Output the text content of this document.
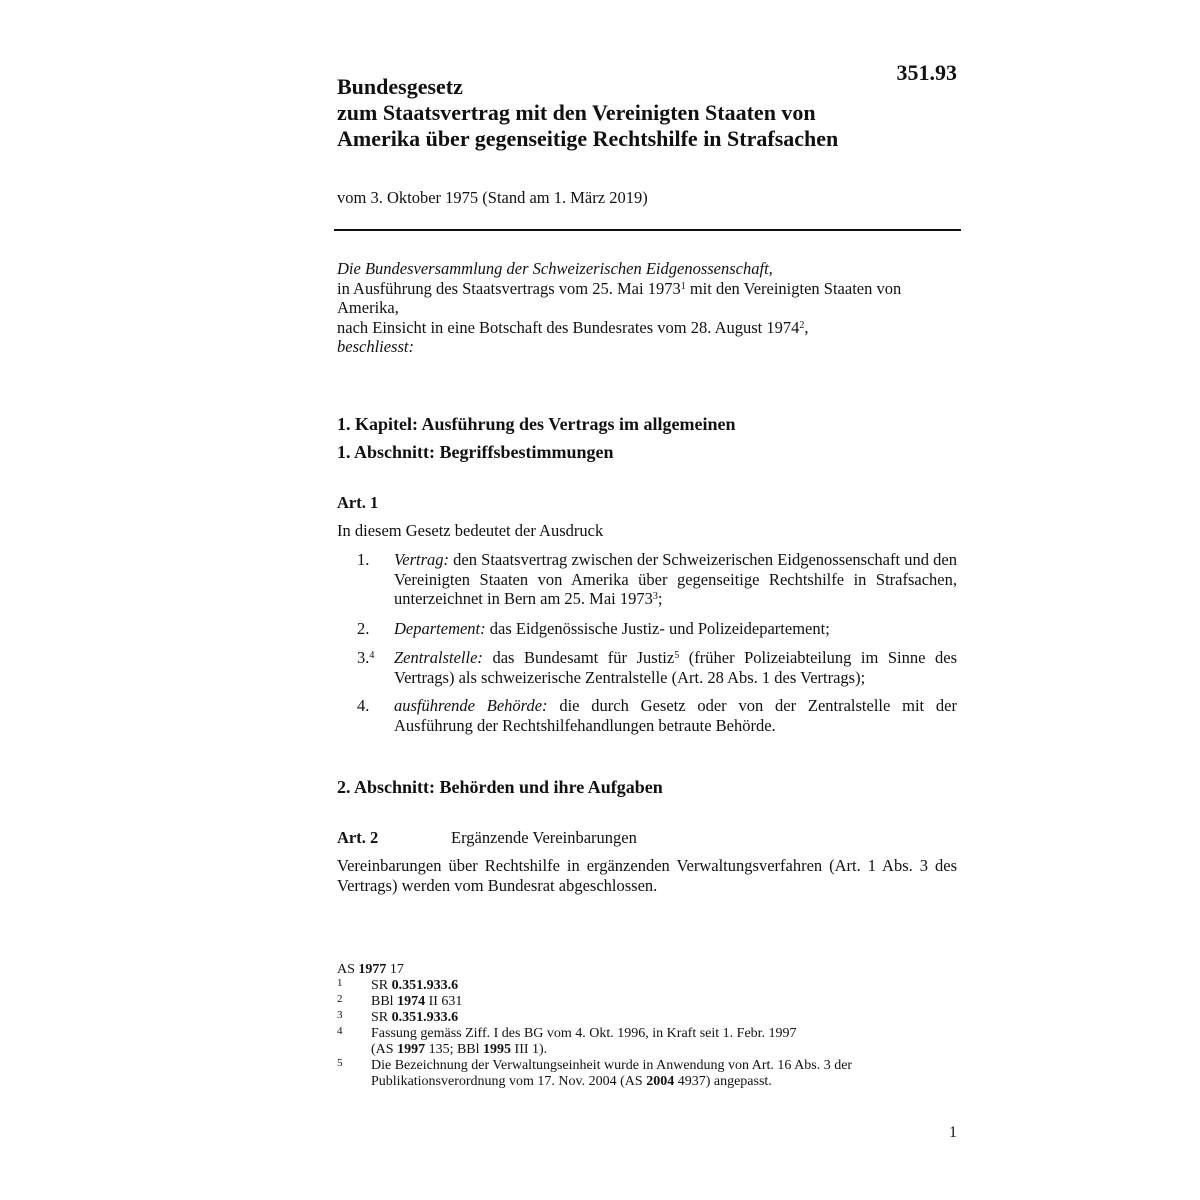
351.93
Bundesgesetz
zum Staatsvertrag mit den Vereinigten Staaten von
Amerika über gegenseitige Rechtshilfe in Strafsachen
vom 3. Oktober 1975 (Stand am 1. März 2019)
Die Bundesversammlung der Schweizerischen Eidgenossenschaft,
in Ausführung des Staatsvertrags vom 25. Mai 1973$^1$ mit den Vereinigten Staaten von Amerika,
nach Einsicht in eine Botschaft des Bundesrates vom 28. August 1974$^2$,
beschliesst:
1. Kapitel: Ausführung des Vertrags im allgemeinen
1. Abschnitt: Begriffsbestimmungen
Art. 1
In diesem Gesetz bedeutet der Ausdruck
1. Vertrag: den Staatsvertrag zwischen der Schweizerischen Eidgenossenschaft und den Vereinigten Staaten von Amerika über gegenseitige Rechtshilfe in Strafsachen, unterzeichnet in Bern am 25. Mai 1973$^3$;
2. Departement: das Eidgenössische Justiz- und Polizeidepartement;
3.$^4$ Zentralstelle: das Bundesamt für Justiz$^5$ (früher Polizeiabteilung im Sinne des Vertrags) als schweizerische Zentralstelle (Art. 28 Abs. 1 des Vertrags);
4. ausführende Behörde: die durch Gesetz oder von der Zentralstelle mit der Ausführung der Rechtshilfehandlungen betraute Behörde.
2. Abschnitt: Behörden und ihre Aufgaben
Art. 2	Ergänzende Vereinbarungen
Vereinbarungen über Rechtshilfe in ergänzenden Verwaltungsverfahren (Art. 1 Abs. 3 des Vertrags) werden vom Bundesrat abgeschlossen.
AS 1977 17
1 SR 0.351.933.6
2 BBl 1974 II 631
3 SR 0.351.933.6
4 Fassung gemäss Ziff. I des BG vom 4. Okt. 1996, in Kraft seit 1. Febr. 1997
(AS 1997 135; BBl 1995 III 1).
5 Die Bezeichnung der Verwaltungseinheit wurde in Anwendung von Art. 16 Abs. 3 der
Publikationsverordnung vom 17. Nov. 2004 (AS 2004 4937) angepasst.
1
